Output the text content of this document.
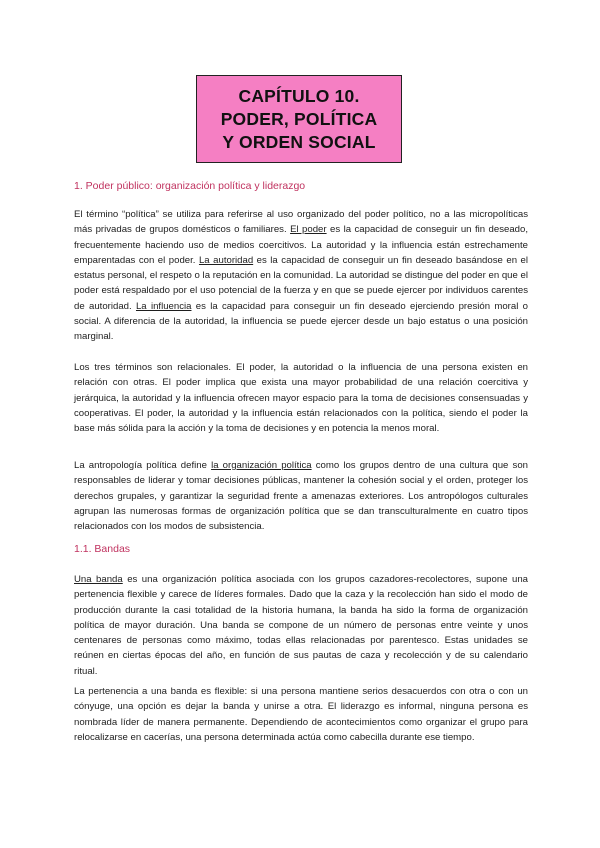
CAPÍTULO 10.
PODER, POLÍTICA
Y ORDEN SOCIAL
1. Poder público: organización política y liderazgo

El término “política” se utiliza para referirse al uso organizado del poder político, no a las micropolíticas más privadas de grupos domésticos o familiares. El poder es la capacidad de conseguir un fin deseado, frecuentemente haciendo uso de medios coercitivos. La autoridad y la influencia están estrechamente emparentadas con el poder. La autoridad es la capacidad de conseguir un fin deseado basándose en el estatus personal, el respeto o la reputación en la comunidad. La autoridad se distingue del poder en que el poder está respaldado por el uso potencial de la fuerza y en que se puede ejercer por individuos carentes de autoridad. La influencia es la capacidad para conseguir un fin deseado ejerciendo presión moral o social. A diferencia de la autoridad, la influencia se puede ejercer desde un bajo estatus o una posición marginal.

Los tres términos son relacionales. El poder, la autoridad o la influencia de una persona existen en relación con otras. El poder implica que exista una mayor probabilidad de una relación coercitiva y jerárquica, la autoridad y la influencia ofrecen mayor espacio para la toma de decisiones consensuadas y cooperativas. El poder, la autoridad y la influencia están relacionados con la política, siendo el poder la base más sólida para la acción y la toma de decisiones y en potencia la menos moral.

La antropología política define la organización política como los grupos dentro de una cultura que son responsables de liderar y tomar decisiones públicas, mantener la cohesión social y el orden, proteger los derechos grupales, y garantizar la seguridad frente a amenazas exteriores. Los antropólogos culturales agrupan las numerosas formas de organización política que se dan transculturalmente en cuatro tipos relacionados con los modos de subsistencia.

1.1. Bandas

Una banda es una organización política asociada con los grupos cazadores-recolectores, supone una pertenencia flexible y carece de líderes formales. Dado que la caza y la recolección han sido el modo de producción durante la casi totalidad de la historia humana, la banda ha sido la forma de organización política de mayor duración. Una banda se compone de un número de personas entre veinte y unos centenares de personas como máximo, todas ellas relacionadas por parentesco. Estas unidades se reúnen en ciertas épocas del año, en función de sus pautas de caza y recolección y de su calendario ritual.

La pertenencia a una banda es flexible: si una persona mantiene serios desacuerdos con otra o con un cónyuge, una opción es dejar la banda y unirse a otra. El liderazgo es informal, ninguna persona es nombrada líder de manera permanente. Dependiendo de acontecimientos como organizar el grupo para relocalizarse en cacerías, una persona determinada actúa como cabecilla durante ese tiempo.
